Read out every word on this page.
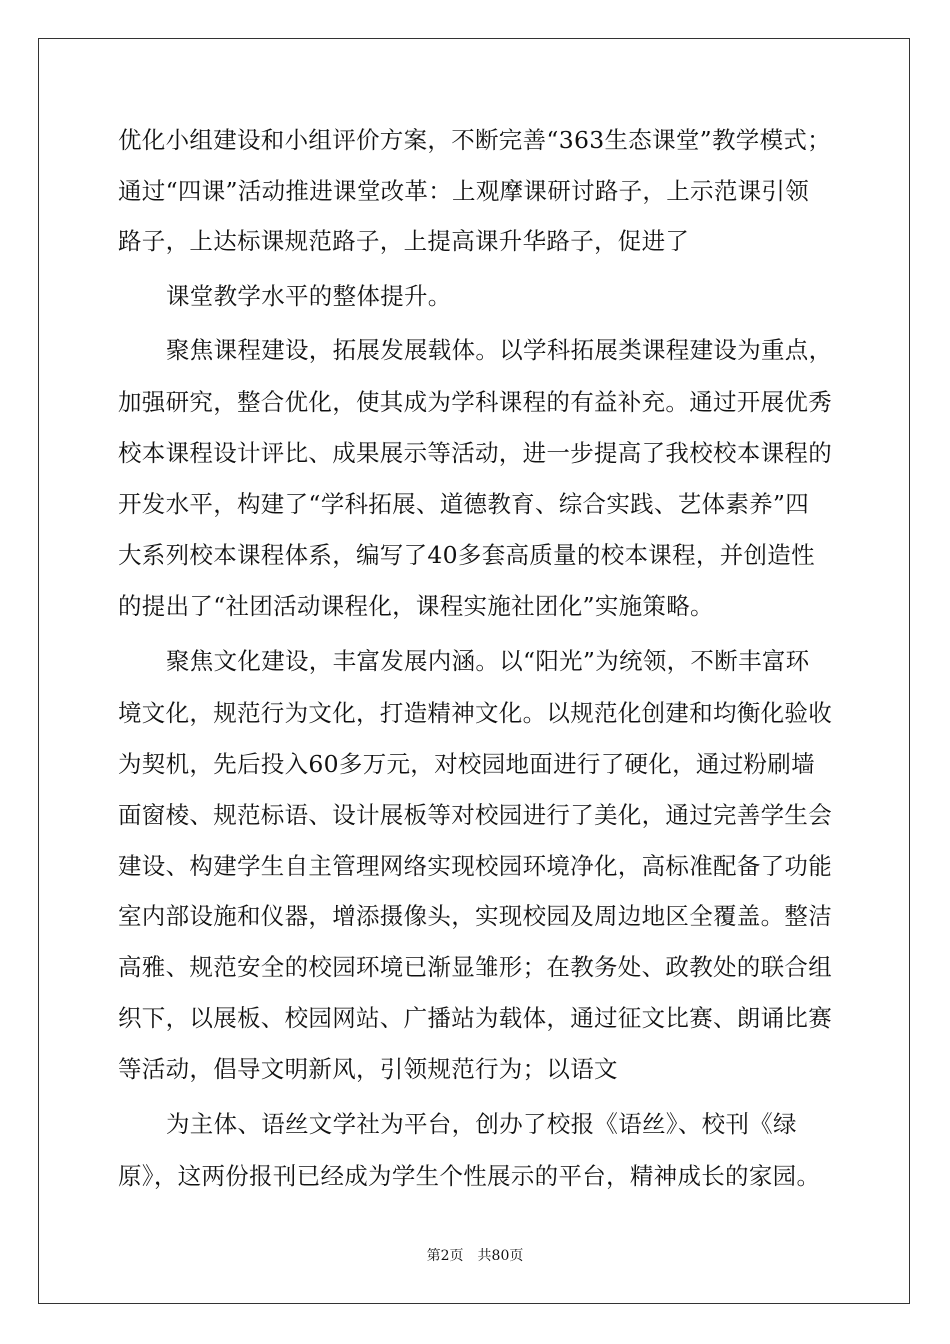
优化小组建设和小组评价方案，不断完善“363生态课堂”教学模式；
通过“四课”活动推进课堂改革：上观摩课研讨路子，上示范课引领
路子，上达标课规范路子，上提高课升华路子，促进了
课堂教学水平的整体提升。
聚焦课程建设，拓展发展载体。以学科拓展类课程建设为重点，
加强研究，整合优化，使其成为学科课程的有益补充。通过开展优秀
校本课程设计评比、成果展示等活动，进一步提高了我校校本课程的
开发水平，构建了“学科拓展、道德教育、综合实践、艺体素养”四
大系列校本课程体系，编写了40多套高质量的校本课程，并创造性
的提出了“社团活动课程化，课程实施社团化”实施策略。
聚焦文化建设，丰富发展内涵。以“阳光”为统领，不断丰富环
境文化，规范行为文化，打造精神文化。以规范化创建和均衡化验收
为契机，先后投入60多万元，对校园地面进行了硬化，通过粉刷墙
面窗棱、规范标语、设计展板等对校园进行了美化，通过完善学生会
建设、构建学生自主管理网络实现校园环境净化，高标准配备了功能
室内部设施和仪器，增添摄像头，实现校园及周边地区全覆盖。整洁
高雅、规范安全的校园环境已渐显雏形；在教务处、政教处的联合组
织下，以展板、校园网站、广播站为载体，通过征文比赛、朗诵比赛
等活动，倡导文明新风，引领规范行为；以语文
为主体、语丝文学社为平台，创办了校报《语丝》、校刊《绿
原》，这两份报刊已经成为学生个性展示的平台，精神成长的家园。
第2页　共80页
